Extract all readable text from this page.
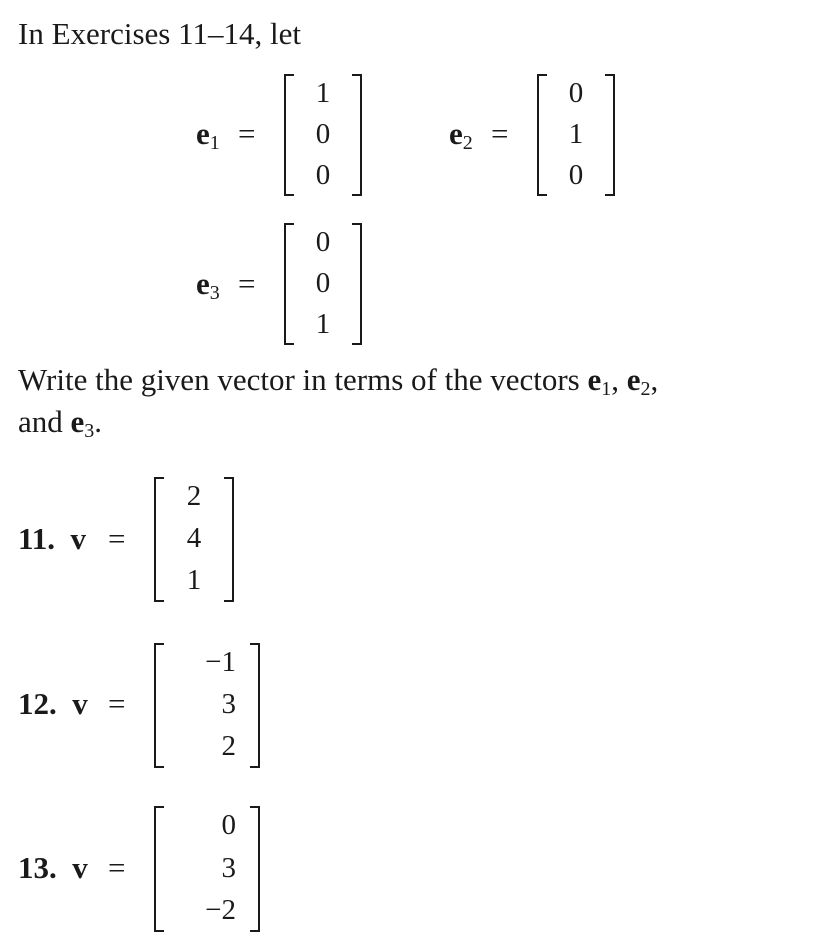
In Exercises 11–14, let
$e_1$ =
1
0
0
$e_2$ =
0
1
0
$e_3$ =
0
0
1
Write the given vector in terms of the vectors $e_1$, $e_2$,
and $e_3$.
11. v =
2
4
1
12. v =
−1
3
2
13. v =
0
3
−2
